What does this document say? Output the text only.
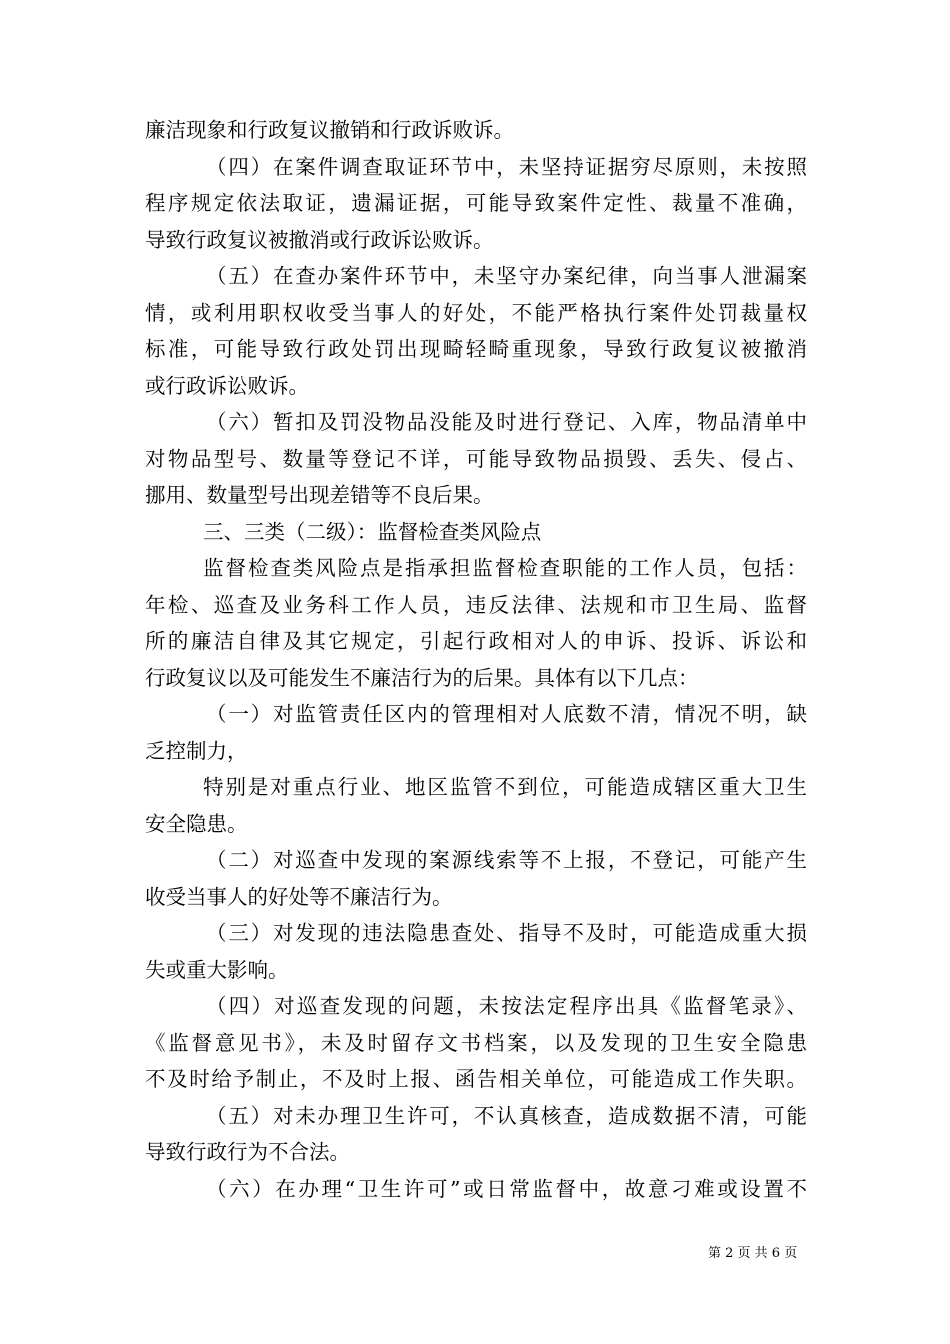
廉洁现象和行政复议撤销和行政诉败诉。
（四）在案件调查取证环节中，未坚持证据穷尽原则，未按照
程序规定依法取证，遗漏证据，可能导致案件定性、裁量不准确，
导致行政复议被撤消或行政诉讼败诉。
（五）在查办案件环节中，未坚守办案纪律，向当事人泄漏案
情，或利用职权收受当事人的好处，不能严格执行案件处罚裁量权
标准，可能导致行政处罚出现畸轻畸重现象，导致行政复议被撤消
或行政诉讼败诉。
（六）暂扣及罚没物品没能及时进行登记、入库，物品清单中
对物品型号、数量等登记不详，可能导致物品损毁、丢失、侵占、
挪用、数量型号出现差错等不良后果。
三、三类（二级）：监督检查类风险点
监督检查类风险点是指承担监督检查职能的工作人员，包括：
年检、巡查及业务科工作人员，违反法律、法规和市卫生局、监督
所的廉洁自律及其它规定，引起行政相对人的申诉、投诉、诉讼和
行政复议以及可能发生不廉洁行为的后果。具体有以下几点：
（一）对监管责任区内的管理相对人底数不清，情况不明，缺
乏控制力，
特别是对重点行业、地区监管不到位，可能造成辖区重大卫生
安全隐患。
（二）对巡查中发现的案源线索等不上报，不登记，可能产生
收受当事人的好处等不廉洁行为。
（三）对发现的违法隐患查处、指导不及时，可能造成重大损
失或重大影响。
（四）对巡查发现的问题，未按法定程序出具《监督笔录》、
《监督意见书》，未及时留存文书档案，以及发现的卫生安全隐患
不及时给予制止，不及时上报、函告相关单位，可能造成工作失职。
（五）对未办理卫生许可，不认真核查，造成数据不清，可能
导致行政行为不合法。
（六）在办理“卫生许可”或日常监督中，故意刁难或设置不
第 2 页 共 6 页
